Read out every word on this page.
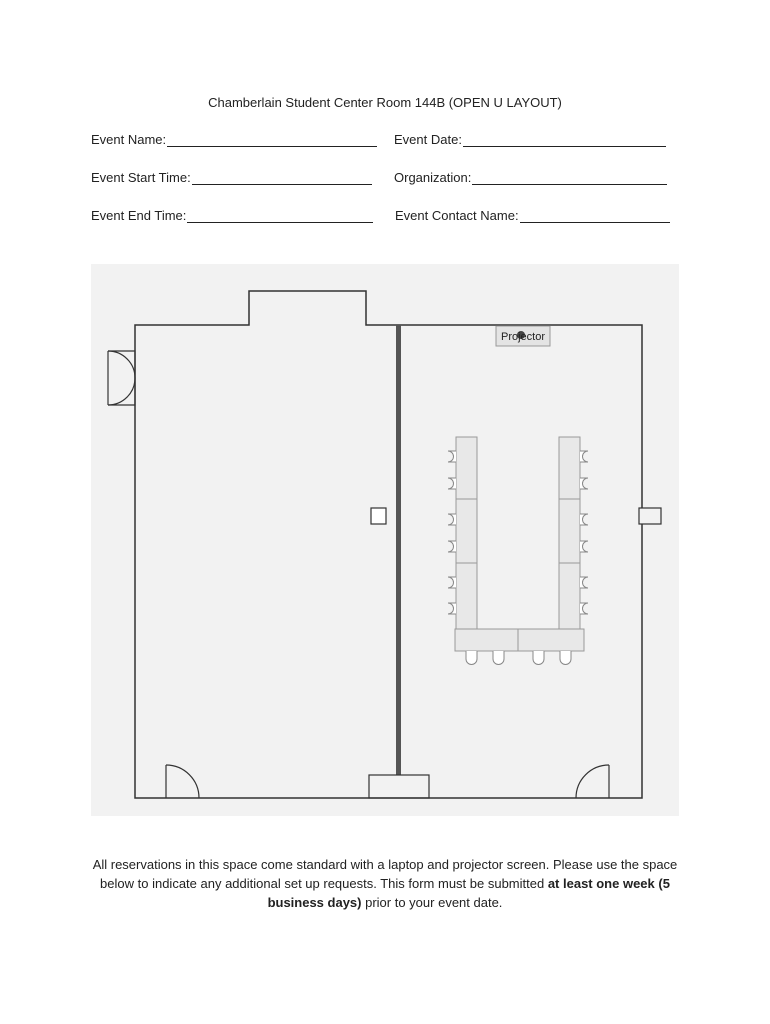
Chamberlain Student Center Room 144B (OPEN U LAYOUT)
Event Name:	Event Date:
Event Start Time:	Organization:
Event End Time:	Event Contact Name:
Projector
All reservations in this space come standard with a laptop and projector screen. Please use the space below to indicate any additional set up requests. This form must be submitted at least one week (5 business days) prior to your event date.
